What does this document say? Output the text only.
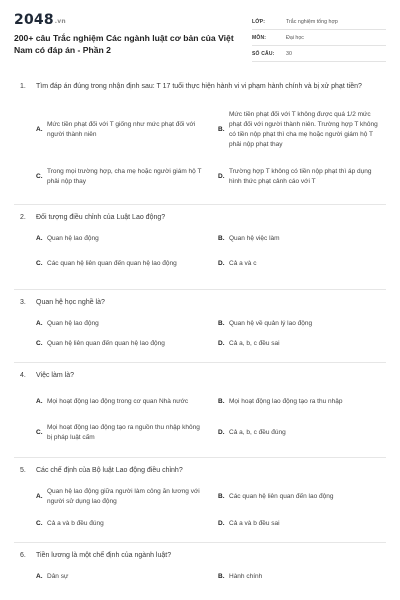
2048.vn
200+ câu Trắc nghiệm Các ngành luật cơ bản của Việt Nam có đáp án - Phần 2
LỚP:	Trắc nghiệm tổng hợp
MÔN:	Đại học
SỐ CÂU:	30
1.	Tìm đáp án đúng trong nhận định sau: T 17 tuổi thực hiện hành vi vi phạm hành chính và bị xử phạt tiền?
A.
Mức tiền phạt đối với T giống như mức phạt đối với người thành niên
B.
Mức tiền phạt đối với T không được quá 1/2 mức phạt đối với người thành niên. Trường hợp T không có tiền nộp phạt thì cha mẹ hoặc người giám hộ T phải nộp phạt thay
C.
Trong mọi trường hợp, cha mẹ hoặc người giám hộ T phải nộp thay
D.
Trường hợp T không có tiền nộp phạt thì áp dụng hình thức phạt cảnh cáo với T
2.	Đối tượng điều chỉnh của Luật Lao động?
A. Quan hệ lao động	B. Quan hệ việc làm
C. Các quan hệ liên quan đến quan hệ lao động	D. Cả a và c
3.	Quan hệ học nghề là?
A. Quan hệ lao động	B. Quan hệ về quản lý lao động
C. Quan hệ liên quan đến quan hệ lao động	D. Cả a, b, c đều sai
4.	Việc làm là?
A. Mọi hoạt động lao động trong cơ quan Nhà nước	B. Mọi hoạt động lao động tạo ra thu nhập
C.
Mọi hoạt động lao động tạo ra nguồn thu nhập không bị pháp luật cấm
D. Cả a, b, c đều đúng
5.	Các chế định của Bộ luật Lao động điều chỉnh?
A.
Quan hệ lao động giữa người làm công ăn lương với người sử dụng lao động
B. Các quan hệ liên quan đến lao động
C. Cả a và b đều đúng	D. Cả a và b đều sai
6.	Tiền lương là một chế định của ngành luật?
A. Dân sự	B. Hành chính
